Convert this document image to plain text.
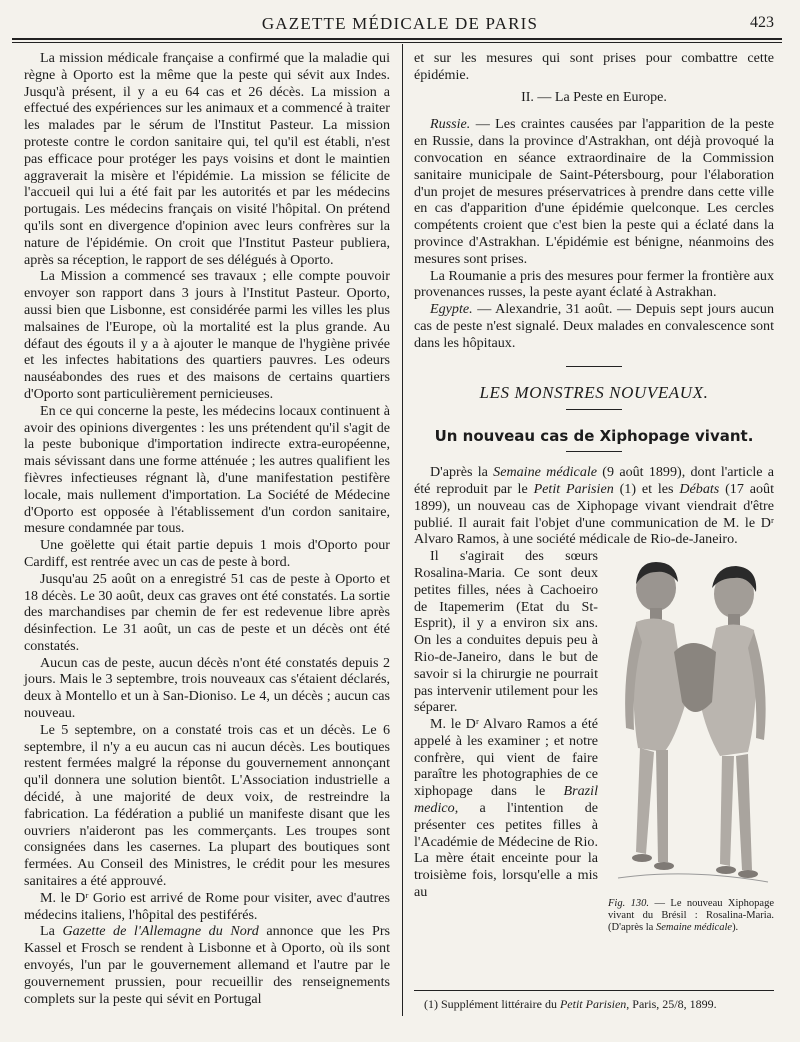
GAZETTE MÉDICALE DE PARIS	423

La mission médicale française a confirmé que la maladie qui règne à Oporto est la même que la peste qui sévit aux Indes. Jusqu'à présent, il y a eu 64 cas et 26 décès. La mission a effectué des expériences sur les animaux et a commencé à traiter les malades par le sérum de l'Institut Pasteur. La mission proteste contre le cordon sanitaire qui, tel qu'il est établi, n'est pas efficace pour protéger les pays voisins et dont le maintien aggraverait la misère et l'épidémie. La mission se félicite de l'accueil qui lui a été fait par les autorités et par les médecins portugais. Les médecins français on visité l'hôpital. On prétend qu'ils sont en divergence d'opinion avec leurs confrères sur la nature de l'épidémie. On croit que l'Institut Pasteur publiera, après sa réception, le rapport de ses délégués à Oporto.

La Mission a commencé ses travaux ; elle compte pouvoir envoyer son rapport dans 3 jours à l'Institut Pasteur. Oporto, aussi bien que Lisbonne, est considérée parmi les villes les plus malsaines de l'Europe, où la mortalité est la plus grande. Au défaut des égouts il y a à ajouter le manque de l'hygiène privée et les infectes habitations des quartiers pauvres. Les odeurs nauséabondes des rues et des maisons de certains quartiers d'Oporto sont particulièrement pernicieuses.

En ce qui concerne la peste, les médecins locaux continuent à avoir des opinions divergentes : les uns prétendent qu'il s'agit de la peste bubonique d'importation indirecte extra-européenne, mais sévissant dans une forme atténuée ; les autres qualifient les fièvres infectieuses régnant là, d'une manifestation pestifère locale, mais nullement d'importation. La Société de Médecine d'Oporto est opposée à l'établissement d'un cordon sanitaire, mesure condamnée par tous.

Une goëlette qui était partie depuis 1 mois d'Oporto pour Cardiff, est rentrée avec un cas de peste à bord.

Jusqu'au 25 août on a enregistré 51 cas de peste à Oporto et 18 décès. Le 30 août, deux cas graves ont été constatés. La sortie des marchandises par chemin de fer est redevenue libre après désinfection. Le 31 août, un cas de peste et un décès ont été constatés.

Aucun cas de peste, aucun décès n'ont été constatés depuis 2 jours. Mais le 3 septembre, trois nouveaux cas s'étaient déclarés, deux à Montello et un à San-Dioniso. Le 4, un décès ; aucun cas nouveau.

Le 5 septembre, on a constaté trois cas et un décès. Le 6 septembre, il n'y a eu aucun cas ni aucun décès. Les boutiques restent fermées malgré la réponse du gouvernement annonçant qu'il donnera une solution bientôt. L'Association industrielle a décidé, à une majorité de deux voix, de restreindre la fabrication. La fédération a publié un manifeste disant que les ouvriers n'aideront pas les commerçants. Les troupes sont consignées dans les casernes. La plupart des boutiques sont fermées. Au Conseil des Ministres, le crédit pour les mesures sanitaires a été approuvé.

M. le Dʳ Gorio est arrivé de Rome pour visiter, avec d'autres médecins italiens, l'hôpital des pestiférés.

La Gazette de l'Allemagne du Nord annonce que les Prs Kassel et Frosch se rendent à Lisbonne et à Oporto, où ils sont envoyés, l'un par le gouvernement allemand et l'autre par le gouvernement prussien, pour recueillir des renseignements complets sur la peste qui sévit en Portugal

et sur les mesures qui sont prises pour combattre cette épidémie.

II. — La Peste en Europe.

Russie. — Les craintes causées par l'apparition de la peste en Russie, dans la province d'Astrakhan, ont déjà provoqué la convocation en séance extraordinaire de la Commission sanitaire municipale de Saint-Pétersbourg, pour l'élaboration d'un projet de mesures préservatrices à prendre dans cette ville en cas d'apparition d'une épidémie quelconque. Les cercles compétents croient que c'est bien la peste qui a éclaté dans la province d'Astrakhan. L'épidémie est bénigne, néanmoins des mesures sont prises.

La Roumanie a pris des mesures pour fermer la frontière aux provenances russes, la peste ayant éclaté à Astrakhan.

Egypte. — Alexandrie, 31 août. — Depuis sept jours aucun cas de peste n'est signalé. Deux malades en convalescence sont dans les hôpitaux.

LES MONSTRES NOUVEAUX.
Un nouveau cas de Xiphopage vivant.

D'après la Semaine médicale (9 août 1899), dont l'article a été reproduit par le Petit Parisien (1) et les Débats (17 août 1899), un nouveau cas de Xiphopage vivant viendrait d'être publié. Il aurait fait l'objet d'une communication de M. le Dʳ Alvaro Ramos, à une société médicale de Rio-de-Janeiro.

Fig. 130. — Le nouveau Xiphopage vivant du Brésil : Rosalina-Maria. (D'après la Semaine médicale).

Il s'agirait des sœurs Rosalina-Maria. Ce sont deux petites filles, nées à Cachoeiro de Itapemerim (Etat du St-Esprit), il y a environ six ans. On les a conduites depuis peu à Rio-de-Janeiro, dans le but de savoir si la chirurgie ne pourrait pas intervenir utilement pour les séparer.

M. le Dʳ Alvaro Ramos a été appelé à les examiner ; et notre confrère, qui vient de faire paraître les photographies de ce xiphopage dans le Brazil medico, a l'intention de présenter ces petites filles à l'Académie de Médecine de Rio. La mère était enceinte pour la troisième fois, lorsqu'elle a mis au

(1) Supplément littéraire du Petit Parisien, Paris, 25/8, 1899.
